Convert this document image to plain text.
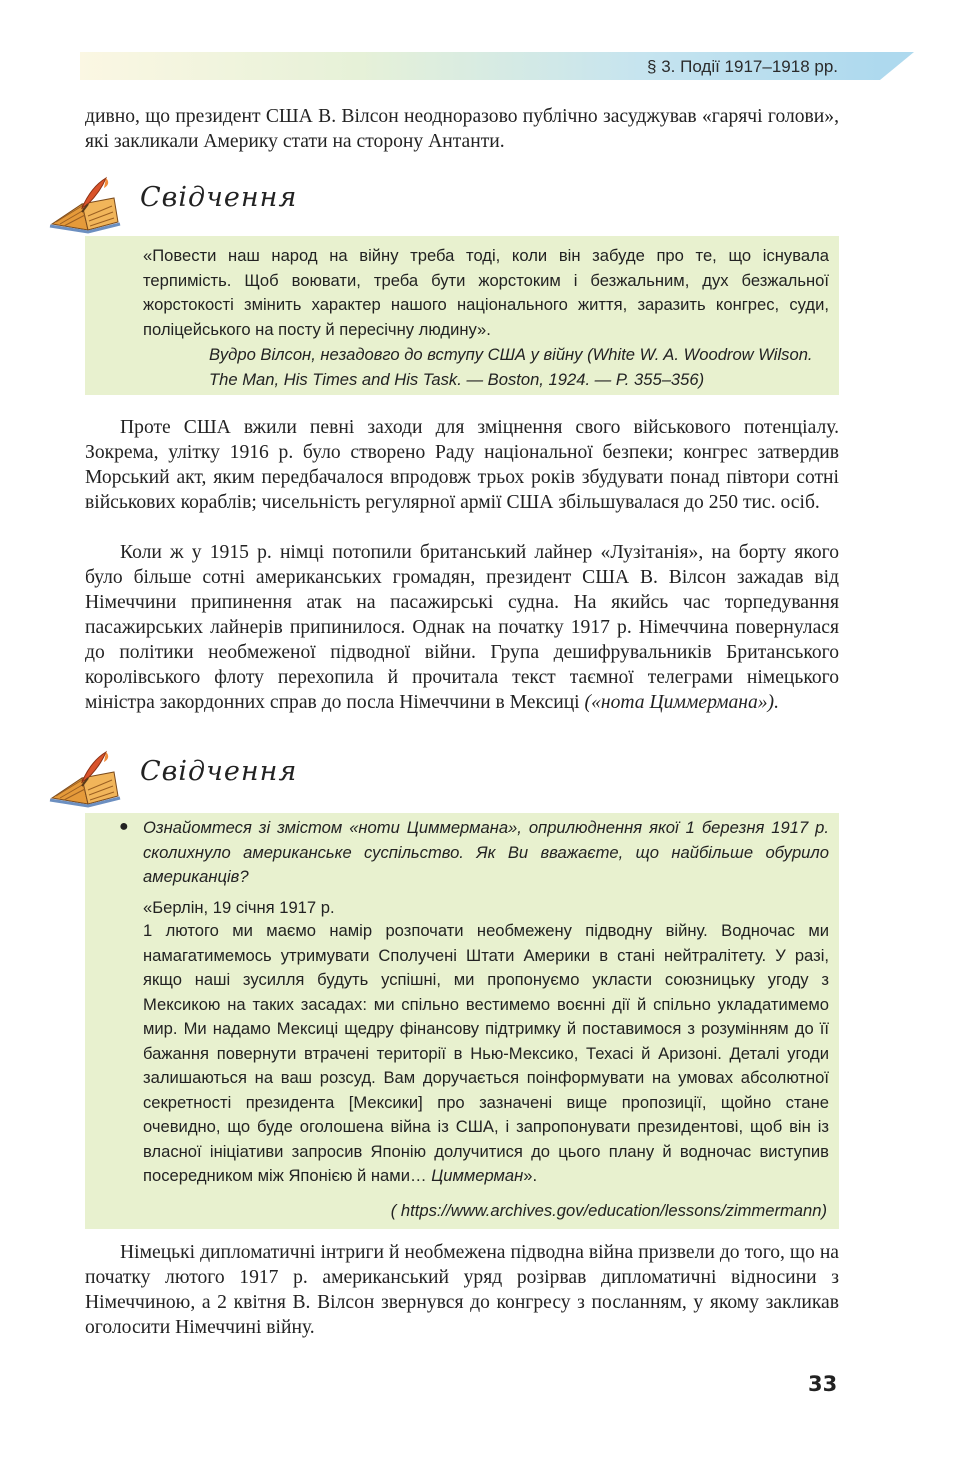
§ 3. Події 1917–1918 рр.

дивно, що президент США В. Вілсон неодноразово публічно засуджував «гарячі голови», які закликали Америку стати на сторону Антанти.

Свідчення

«Повести наш народ на війну треба тоді, коли він забуде про те, що існувала терпимість. Щоб воювати, треба бути жорстоким і безжальним, дух безжальної жорстокості змінить характер нашого національного життя, заразить конгрес, суди, поліцейського на посту й пересічну людину».

Вудро Вілсон, незадовго до вступу США у війну (White W. A. Woodrow Wilson. The Man, His Times and His Task. — Boston, 1924. — P. 355–356)

Проте США вжили певні заходи для зміцнення свого військового потенціалу. Зокрема, улітку 1916 р. було створено Раду національної безпеки; конгрес затвердив Морський акт, яким передбачалося впродовж трьох років збудувати понад півтори сотні військових кораблів; чисельність регулярної армії США збільшувалася до 250 тис. осіб.

Коли ж у 1915 р. німці потопили британський лайнер «Лузітанія», на борту якого було більше сотні американських громадян, президент США В. Вілсон зажадав від Німеччини припинення атак на пасажирські судна. На якийсь час торпедування пасажирських лайнерів припинилося. Однак на початку 1917 р. Німеччина повернулася до політики необмеженої підводної війни. Група дешифрувальників Британського королівського флоту перехопила й прочитала текст таємної телеграми німецького міністра закордонних справ до посла Німеччини в Мексиці («нота Циммермана»).

Свідчення
● Ознайомтеся зі змістом «ноти Циммермана», оприлюднення якої 1 березня 1917 р. сколихнуло американське суспільство. Як Ви вважаєте, що найбільше обурило американців?

«Берлін, 19 січня 1917 р.

1 лютого ми маємо намір розпочати необмежену підводну війну. Водночас ми намагатимемось утримувати Сполучені Штати Америки в стані нейтралітету. У разі, якщо наші зусилля будуть успішні, ми пропонуємо укласти союзницьку угоду з Мексикою на таких засадах: ми спільно вестимемо воєнні дії й спільно укладатимемо мир. Ми надамо Мексиці щедру фінансову підтримку й поставимося з розумінням до її бажання повернути втрачені території в Нью-Мексико, Техасі й Аризоні. Деталі угоди залишаються на ваш розсуд. Вам доручається поінформувати на умовах абсолютної секретності президента [Мексики] про зазначені вище пропозиції, щойно стане очевидно, що буде оголошена війна із США, і запропонувати президентові, щоб він із власної ініціативи запросив Японію долучитися до цього плану й водночас виступив посередником між Японією й нами… Циммерман».

( https://www.archives.gov/education/lessons/zimmermann)

Німецькі дипломатичні інтриги й необмежена підводна війна призвели до того, що на початку лютого 1917 р. американський уряд розірвав дипломатичні відносини з Німеччиною, а 2 квітня В. Вілсон звернувся до конгресу з посланням, у якому закликав оголосити Німеччині війну.

33
